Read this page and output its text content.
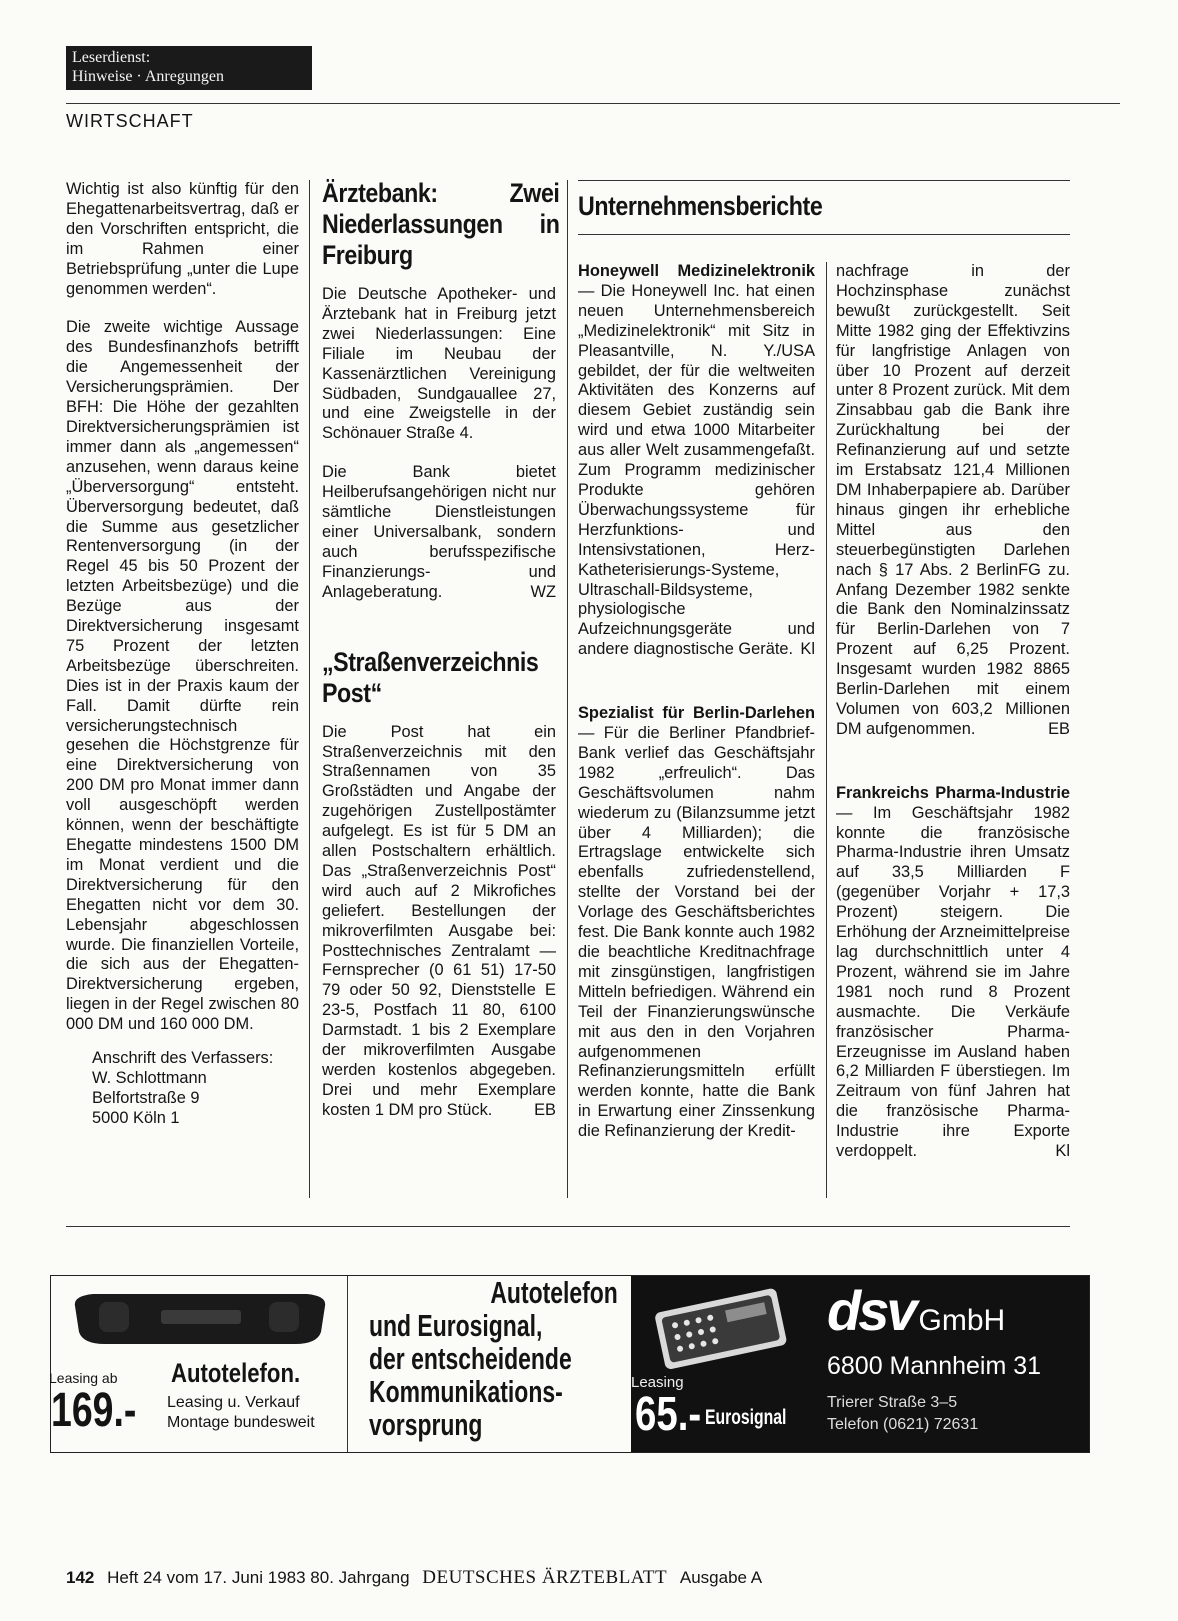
Leserdienst:
Hinweise · Anregungen
WIRTSCHAFT

Wichtig ist also künftig für den Ehegattenarbeitsvertrag, daß er den Vorschriften entspricht, die im Rahmen einer Betriebsprüfung „unter die Lupe genommen werden“.

Die zweite wichtige Aussage des Bundesfinanzhofs betrifft die Angemessenheit der Versicherungsprämien. Der BFH: Die Höhe der gezahlten Direktversicherungsprämien ist immer dann als „angemessen“ anzusehen, wenn daraus keine „Überversorgung“ entsteht. Überversorgung bedeutet, daß die Summe aus gesetzlicher Rentenversorgung (in der Regel 45 bis 50 Prozent der letzten Arbeitsbezüge) und die Bezüge aus der Direktversicherung insgesamt 75 Prozent der letzten Arbeitsbezüge überschreiten. Dies ist in der Praxis kaum der Fall. Damit dürfte rein versicherungstechnisch gesehen die Höchstgrenze für eine Direktversicherung von 200 DM pro Monat immer dann voll ausgeschöpft werden können, wenn der beschäftigte Ehegatte mindestens 1500 DM im Monat verdient und die Direktversicherung für den Ehegatten nicht vor dem 30. Lebensjahr abgeschlossen wurde. Die finanziellen Vorteile, die sich aus der Ehegatten-Direktversicherung ergeben, liegen in der Regel zwischen 80 000 DM und 160 000 DM.

Anschrift des Verfassers:
W. Schlottmann
Belfortstraße 9
5000 Köln 1
Ärztebank: Zwei Niederlassungen in Freiburg

Die Deutsche Apotheker- und Ärztebank hat in Freiburg jetzt zwei Niederlassungen: Eine Filiale im Neubau der Kassenärztlichen Vereinigung Südbaden, Sundgauallee 27, und eine Zweigstelle in der Schönauer Straße 4.

Die Bank bietet Heilberufsangehörigen nicht nur sämtliche Dienstleistungen einer Universalbank, sondern auch berufsspezifische Finanzierungs- und Anlageberatung.	WZ

„Straßenverzeichnis Post“

Die Post hat ein Straßenverzeichnis mit den Straßennamen von 35 Großstädten und Angabe der zugehörigen Zustellpostämter aufgelegt. Es ist für 5 DM an allen Postschaltern erhältlich. Das „Straßenverzeichnis Post“ wird auch auf 2 Mikrofiches geliefert. Bestellungen der mikroverfilmten Ausgabe bei: Posttechnisches Zentralamt — Fernsprecher (0 61 51) 17-50 79 oder 50 92, Dienststelle E 23-5, Postfach 11 80, 6100 Darmstadt. 1 bis 2 Exemplare der mikroverfilmten Ausgabe werden kostenlos abgegeben. Drei und mehr Exemplare kosten 1 DM pro Stück.	EB

Unternehmensberichte

Honeywell Medizinelektronik — Die Honeywell Inc. hat einen neuen Unternehmensbereich „Medizinelektronik“ mit Sitz in Pleasantville, N. Y./USA gebildet, der für die weltweiten Aktivitäten des Konzerns auf diesem Gebiet zuständig sein wird und etwa 1000 Mitarbeiter aus aller Welt zusammengefaßt. Zum Programm medizinischer Produkte gehören Überwachungssysteme für Herzfunktions- und Intensivstationen, Herz-Katheterisierungs-Systeme, Ultraschall-Bildsysteme, physiologische Aufzeichnungsgeräte und andere diagnostische Geräte. Kl

Spezialist für Berlin-Darlehen — Für die Berliner Pfandbrief-Bank verlief das Geschäftsjahr 1982 „erfreulich“. Das Geschäftsvolumen nahm wiederum zu (Bilanzsumme jetzt über 4 Milliarden); die Ertragslage entwickelte sich ebenfalls zufriedenstellend, stellte der Vorstand bei der Vorlage des Geschäftsberichtes fest. Die Bank konnte auch 1982 die beachtliche Kreditnachfrage mit zinsgünstigen, langfristigen Mitteln befriedigen. Während ein Teil der Finanzierungswünsche mit aus den in den Vorjahren aufgenommenen Refinanzierungsmitteln erfüllt werden konnte, hatte die Bank in Erwartung einer Zinssenkung die Refinanzierung der Kredit-

nachfrage in der Hochzinsphase zunächst bewußt zurückgestellt. Seit Mitte 1982 ging der Effektivzins für langfristige Anlagen von über 10 Prozent auf derzeit unter 8 Prozent zurück. Mit dem Zinsabbau gab die Bank ihre Zurückhaltung bei der Refinanzierung auf und setzte im Erstabsatz 121,4 Millionen DM Inhaberpapiere ab. Darüber hinaus gingen ihr erhebliche Mittel aus den steuerbegünstigten Darlehen nach § 17 Abs. 2 BerlinFG zu. Anfang Dezember 1982 senkte die Bank den Nominalzinssatz für Berlin-Darlehen von 7 Prozent auf 6,25 Prozent. Insgesamt wurden 1982 8865 Berlin-Darlehen mit einem Volumen von 603,2 Millionen DM aufgenommen.	EB

Frankreichs Pharma-Industrie — Im Geschäftsjahr 1982 konnte die französische Pharma-Industrie ihren Umsatz auf 33,5 Milliarden F (gegenüber Vorjahr + 17,3 Prozent) steigern. Die Erhöhung der Arzneimittelpreise lag durchschnittlich unter 4 Prozent, während sie im Jahre 1981 noch rund 8 Prozent ausmachte. Die Verkäufe französischer Pharma-Erzeugnisse im Ausland haben 6,2 Milliarden F überstiegen. Im Zeitraum von fünf Jahren hat die französische Pharma-Industrie ihre Exporte verdoppelt.	Kl

Leasing ab
169.-
Autotelefon.
Leasing u. Verkauf
Montage bundesweit
Autotelefon
und Eurosignal,
der entscheidende
Kommunikations-
vorsprung
Leasing
65.- Eurosignal
dsv GmbH
6800 Mannheim 31
Trierer Straße 3–5
Telefon (0621) 72631
142 Heft 24 vom 17. Juni 1983 80. Jahrgang DEUTSCHES ÄRZTEBLATT Ausgabe A
